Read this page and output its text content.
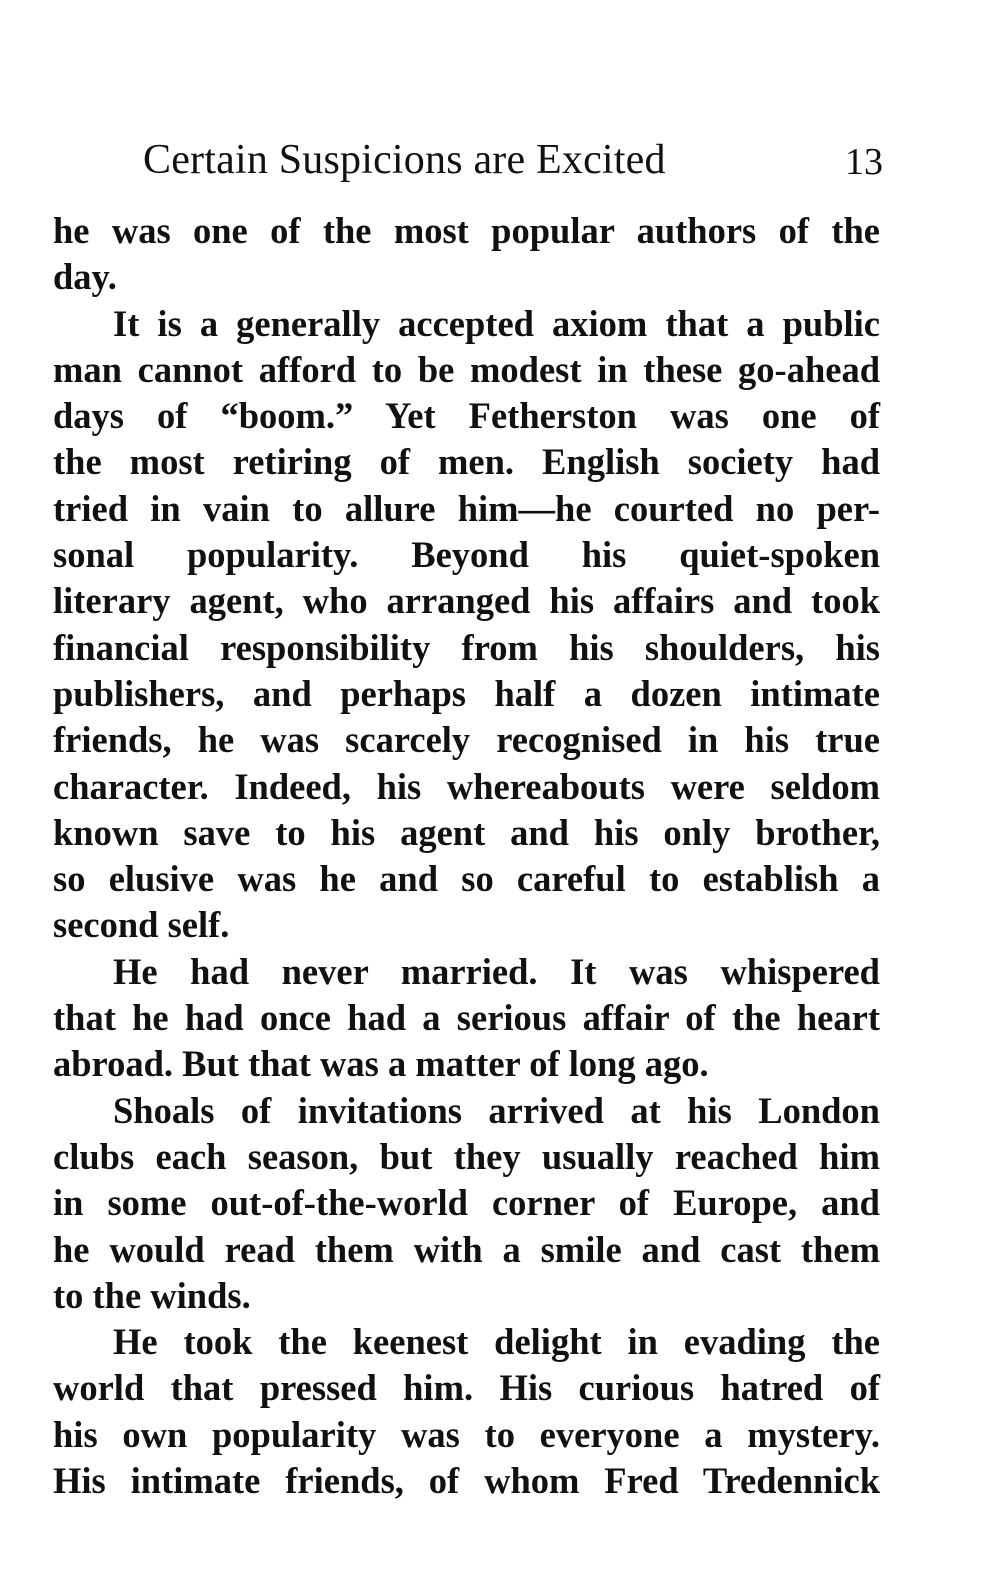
Certain Suspicions are Excited	13
he was one of the most popular authors of the
day.
It is a generally accepted axiom that a public
man cannot afford to be modest in these go-ahead
days of “boom.” Yet Fetherston was one of
the most retiring of men. English society had
tried in vain to allure him—he courted no per-
sonal popularity. Beyond his quiet-spoken
literary agent, who arranged his affairs and took
financial responsibility from his shoulders, his
publishers, and perhaps half a dozen intimate
friends, he was scarcely recognised in his true
character. Indeed, his whereabouts were seldom
known save to his agent and his only brother,
so elusive was he and so careful to establish a
second self.
He had never married. It was whispered
that he had once had a serious affair of the heart
abroad. But that was a matter of long ago.
Shoals of invitations arrived at his London
clubs each season, but they usually reached him
in some out-of-the-world corner of Europe, and
he would read them with a smile and cast them
to the winds.
He took the keenest delight in evading the
world that pressed him. His curious hatred of
his own popularity was to everyone a mystery.
His intimate friends, of whom Fred Tredennick
